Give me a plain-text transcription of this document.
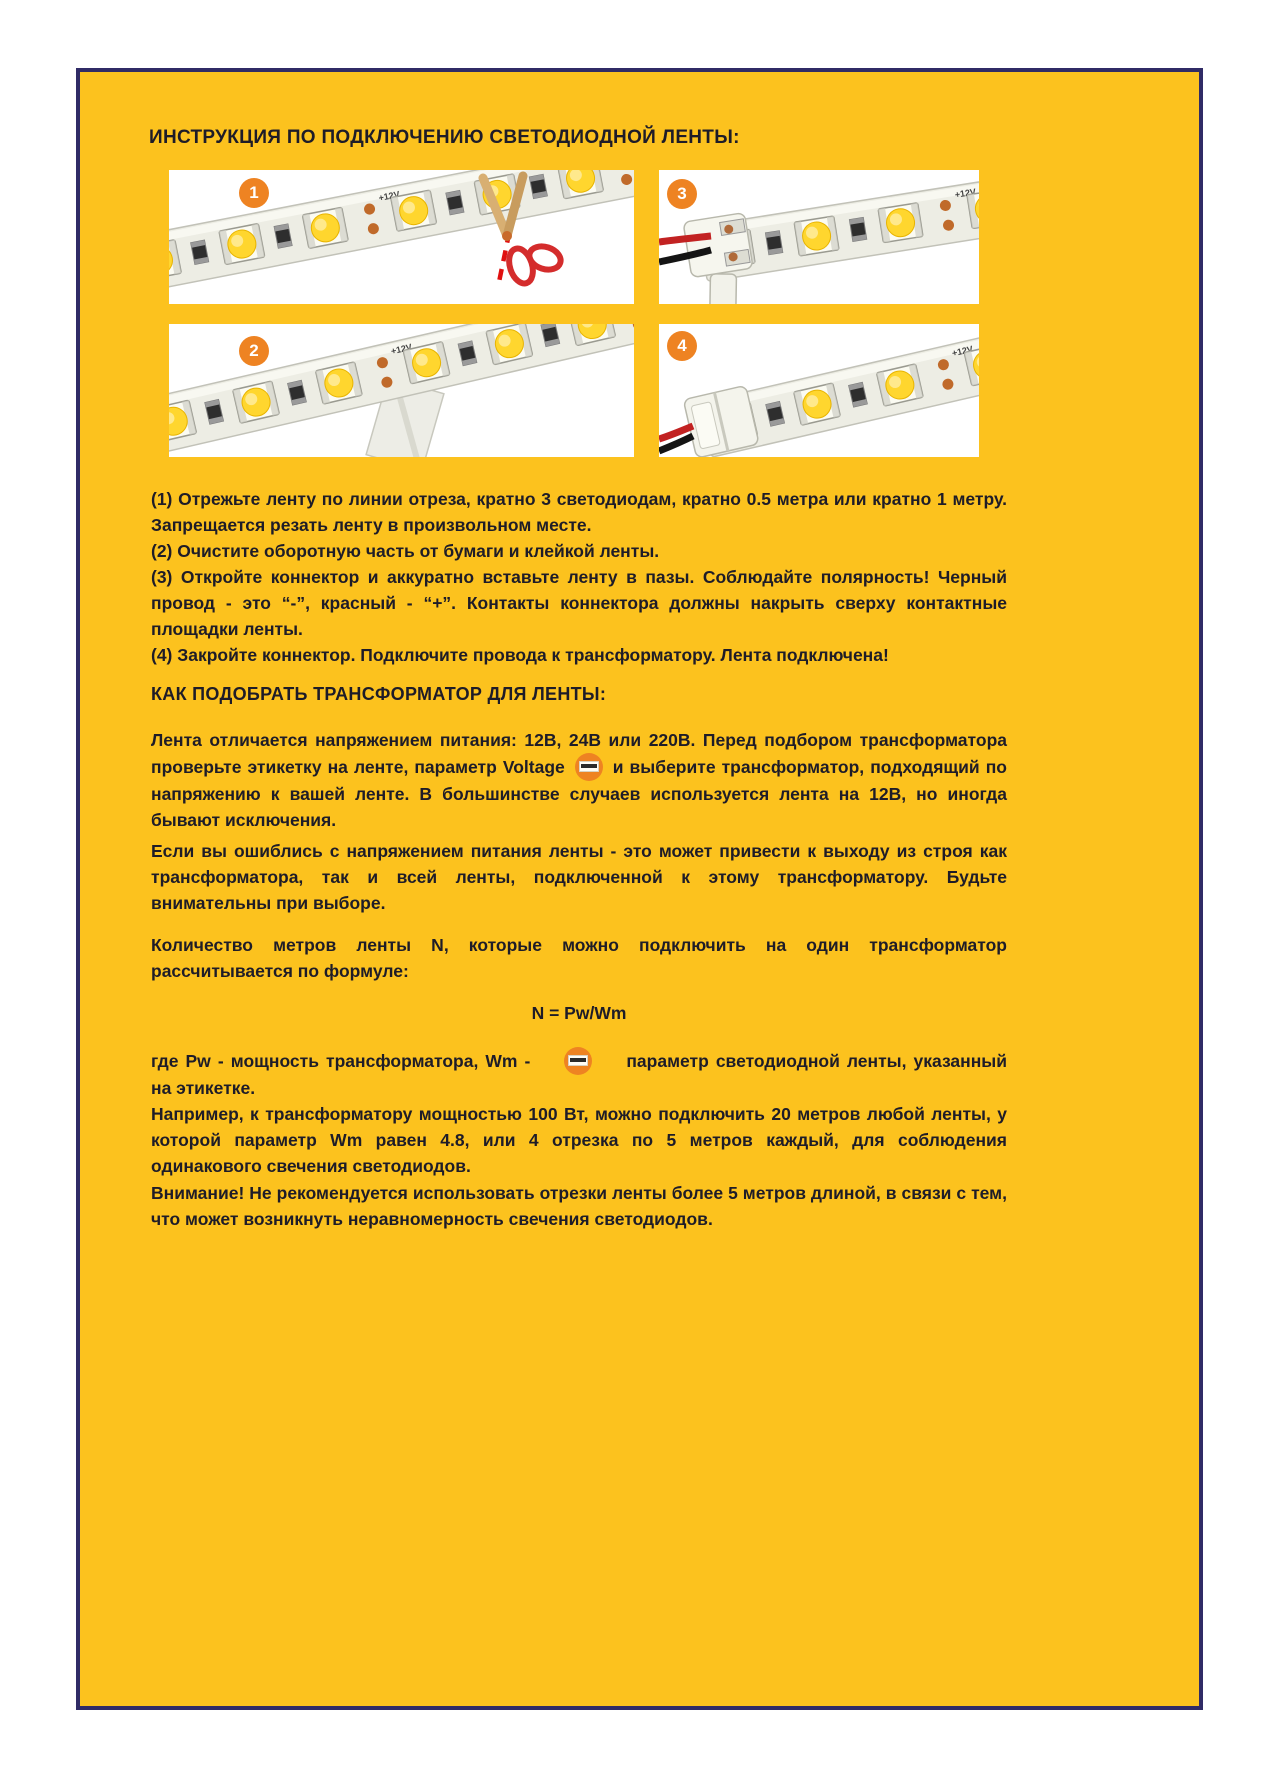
ИНСТРУКЦИЯ ПО ПОДКЛЮЧЕНИЮ СВЕТОДИОДНОЙ ЛЕНТЫ:
1
2
3
4

(1) Отрежьте ленту по линии отреза, кратно 3 светодиодам, кратно 0.5 метра или кратно 1 метру. Запрещается резать ленту в произвольном месте.

(2) Очистите оборотную часть от бумаги и клейкой ленты.

(3) Откройте коннектор и аккуратно вставьте ленту в пазы. Соблюдайте полярность! Черный провод - это “-”, красный - “+”. Контакты коннектора должны накрыть сверху контактные площадки ленты.

(4) Закройте коннектор. Подключите провода к трансформатору. Лента подключена!

КАК ПОДОБРАТЬ ТРАНСФОРМАТОР ДЛЯ ЛЕНТЫ:

Лента отличается напряжением питания: 12В, 24В или 220В. Перед подбором трансформатора проверьте этикетку на ленте, параметр Voltage	и выберите трансформатор, подходящий по напряжению к вашей ленте. В большинстве случаев используется лента на 12В, но иногда бывают исключения.

Если вы ошиблись с напряжением питания ленты - это может привести к выходу из строя как трансформатора, так и всей ленты, подключенной к этому трансформатору. Будьте внимательны при выборе.

Количество метров ленты N, которые можно подключить на один трансформатор рассчитывается по формуле:

N = Pw/Wm

где Pw - мощность трансформатора, Wm -	параметр светодиодной ленты, указанный на этикетке.

Например, к трансформатору мощностью 100 Вт, можно подключить 20 метров любой ленты, у которой параметр Wm равен 4.8, или 4 отрезка по 5 метров каждый, для соблюдения одинакового свечения светодиодов.

Внимание! Не рекомендуется использовать отрезки ленты более 5 метров длиной, в связи с тем, что может возникнуть неравномерность свечения светодиодов.
